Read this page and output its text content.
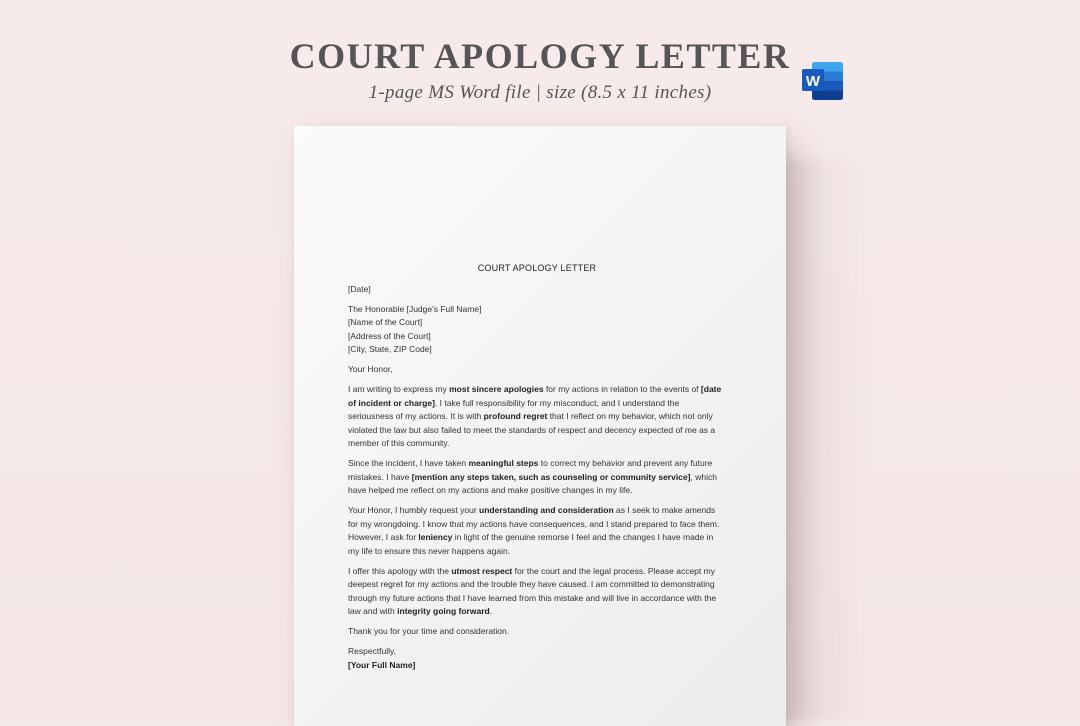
COURT APOLOGY LETTER

1-page MS Word file | size (8.5 x 11 inches)

W
COURT APOLOGY LETTER

[Date]

The Honorable [Judge's Full Name]
[Name of the Court]
[Address of the Court]
[City, State, ZIP Code]

Your Honor,

I am writing to express my most sincere apologies for my actions in relation to the events of [date of incident or charge]. I take full responsibility for my misconduct, and I understand the seriousness of my actions. It is with profound regret that I reflect on my behavior, which not only violated the law but also failed to meet the standards of respect and decency expected of me as a member of this community.

Since the incident, I have taken meaningful steps to correct my behavior and prevent any future mistakes. I have [mention any steps taken, such as counseling or community service], which have helped me reflect on my actions and make positive changes in my life.

Your Honor, I humbly request your understanding and consideration as I seek to make amends for my wrongdoing. I know that my actions have consequences, and I stand prepared to face them. However, I ask for leniency in light of the genuine remorse I feel and the changes I have made in my life to ensure this never happens again.

I offer this apology with the utmost respect for the court and the legal process. Please accept my deepest regret for my actions and the trouble they have caused. I am committed to demonstrating through my future actions that I have learned from this mistake and will live in accordance with the law and with integrity going forward.

Thank you for your time and consideration.

Respectfully,
[Your Full Name]
